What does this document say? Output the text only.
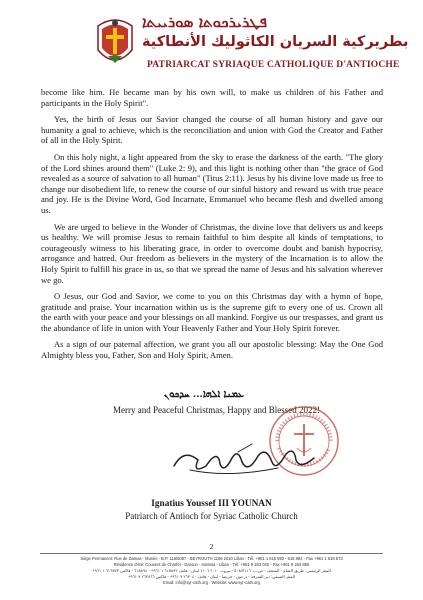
ܦܛܪܝܪܟܘܬܐ ܣܘܪܝܝܬܐ
بطريركية السريان الكاثوليك الأنطاكية
PATRIARCAT SYRIAQUE CATHOLIQUE D'ANTIOCHE

become like him. He became man by his own will, to make us children of his Father and participants in the Holy Spirit".

Yes, the birth of Jesus our Savior changed the course of all human history and gave our humanity a goal to achieve, which is the reconciliation and union with God the Creator and Father of all in the Holy Spirit.

On this holy night, a light appeared from the sky to erase the darkness of the earth. "The glory of the Lord shines around them" (Luke 2: 9), and this light is nothing other than "the grace of God revealed as a source of salvation to all human" (Titus 2:11). Jesus by his divine love made us free to change our disobedient life, to renew the course of our sinful history and reward us with true peace and joy. He is the Divine Word, God Incarnate, Emmanuel who became flesh and dwelled among us.

We are urged to believe in the Wonder of Christmas, the divine love that delivers us and keeps us healthy. We will promise Jesus to remain faithful to him despite all kinds of temptations, to courageously witness to his liberating grace, in order to overcome doubt and banish hypocrisy, arrogance and hatred. Our freedom as believers in the mystery of the Incarnation is to allow the Holy Spirit to fulfill his grace in us, so that we spread the name of Jesus and his salvation wherever we go.

O Jesus, our God and Savior, we come to you on this Christmas day with a hymn of hope, gratitude and praise. Your incarnation within us is the supreme gift to every one of us. Crown all the earth with your peace and your blessings on all mankind. Forgive us our trespasses, and grant us the abundance of life in union with Your Heavenly Father and Your Holy Spirit forever.

As a sign of our paternal affection, we grant you all our apostolic blessing: May the One God Almighty bless you, Father, Son and Holy Spirit, Amen.

ܥܡܢܐ ܐܠܗܐ... ܚܕܟܘܢ
Merry and Peaceful Christmas, Happy and Blessed 2022!
Ignatius Youssef III YOUNAN
Patriarch of Antioch for Syriac Catholic Church
2
Siège Permanent: Rue de Damas - Musée - B.P. 116/5087 - BEYROUTH 1106 2010 Liban - Tél. +961 1 615 892 - 615 894 - Fax +961 1 616 573
Résidence d'été: Couvent de Charfet - Daroun - Harissa - Liban - Tél. +961 9 263 040 - Fax +961 9 263 866
المقر الرئيسي: طريق الشام - المتحف - ص.ب. ٥٠٨٧/١١٦ - بيروت ٢٠١٠ ١١٠٦ لبنان - هاتف ٦١٥٨٩٢ ١ ٩٦١+ - ٦١٥٨٩٤ - فاكس ٦١٦٥٧٣ ١ ٩٦١+
المقر الصيفي: دير الشرفة - درعون - حريصا - لبنان - هاتف ٢٦٣٠٤٠ ٩ ٩٦١+ - فاكس ٢٦٣٨٦٦ ٩ ٩٦١+
Email: info@syr-cath.org - Website: www.syr-cath.org
